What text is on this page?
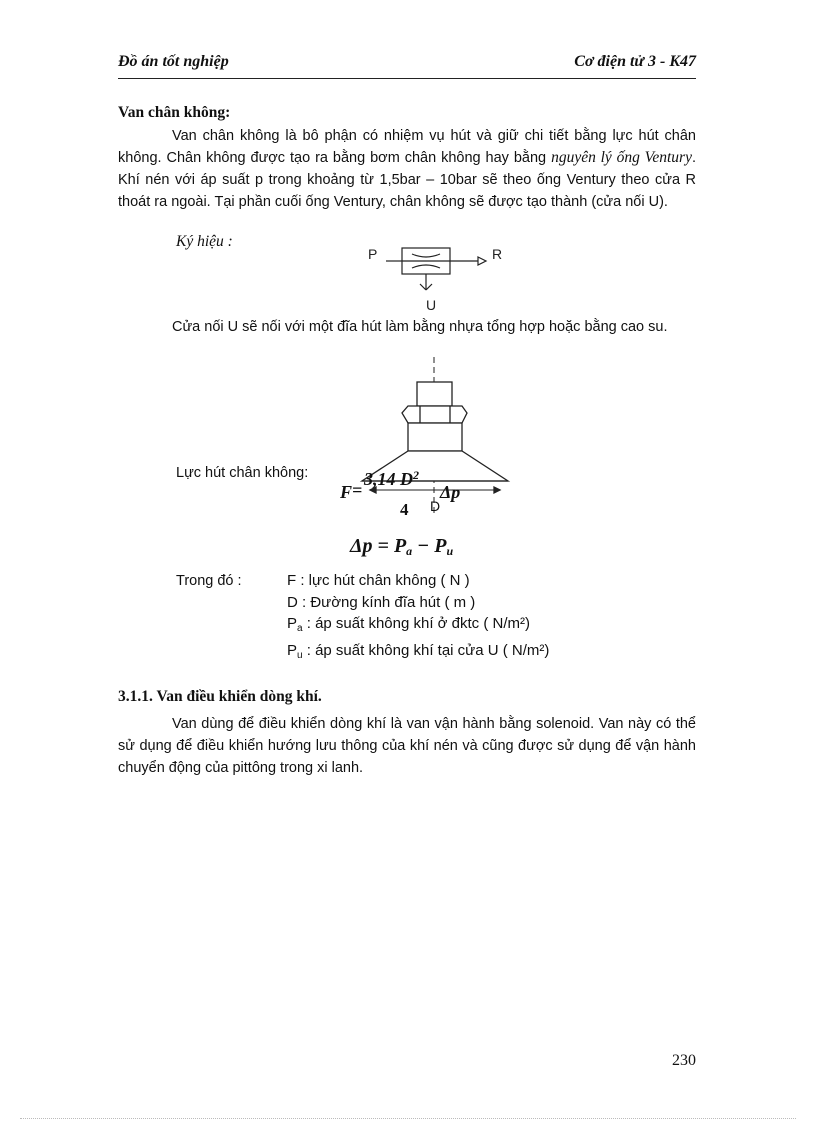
Đồ án tốt nghiệp	Cơ điện tử 3 - K47
Van chân không:
Van chân không là bô phận có nhiệm vụ hút và giữ chi tiết bằng lực hút chân không. Chân không được tạo ra bằng bơm chân không hay bằng nguyên lý ống Ventury. Khí nén với áp suất p trong khoảng từ 1,5bar – 10bar sẽ theo ống Ventury theo cửa R thoát ra ngoài. Tại phần cuối ống Ventury, chân không sẽ được tạo thành (cửa nối U).
Ký hiệu :
P	R
U
Cửa nối U sẽ nối với một đĩa hút làm bằng nhựa tổng hợp hoặc bằng cao su.
Lực hút chân không:
F =
3,14 $D^2$
Δp
4 D
$\Delta p = P_a - P_u$
Trong đó :	F : lực hút chân không ( N )
D : Đường kính đĩa hút ( m )
$P_a$ : áp suất không khí ở đktc ( N/m²)
$P_u$ : áp suất không khí tại cửa U ( N/m²)
3.1.1. Van điều khiển dòng khí.
Van dùng để điều khiển dòng khí là van vận hành bằng solenoid. Van này có thể sử dụng để điều khiển hướng lưu thông của khí nén và cũng được sử dụng để vận hành chuyển động của pittông trong xi lanh.
230
